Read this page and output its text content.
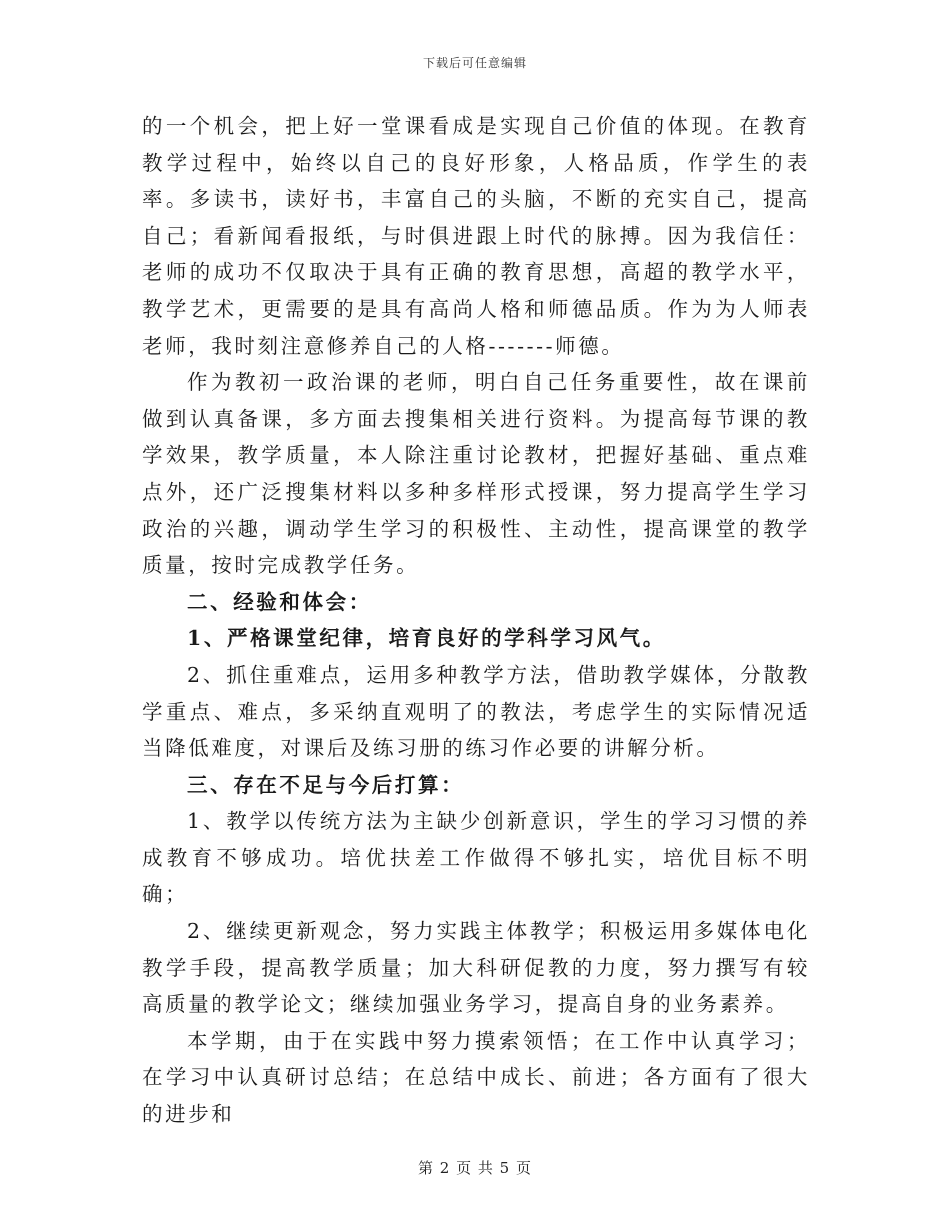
下载后可任意编辑

的一个机会，把上好一堂课看成是实现自己价值的体现。在教育教学过程中，始终以自己的良好形象，人格品质，作学生的表率。多读书，读好书，丰富自己的头脑，不断的充实自己，提高自己；看新闻看报纸，与时俱进跟上时代的脉搏。因为我信任：老师的成功不仅取决于具有正确的教育思想，高超的教学水平，教学艺术，更需要的是具有高尚人格和师德品质。作为为人师表老师，我时刻注意修养自己的人格-------师德。

作为教初一政治课的老师，明白自己任务重要性，故在课前做到认真备课，多方面去搜集相关进行资料。为提高每节课的教学效果，教学质量，本人除注重讨论教材，把握好基础、重点难点外，还广泛搜集材料以多种多样形式授课，努力提高学生学习政治的兴趣，调动学生学习的积极性、主动性，提高课堂的教学质量，按时完成教学任务。

二、经验和体会：

1、严格课堂纪律，培育良好的学科学习风气。

2、抓住重难点，运用多种教学方法，借助教学媒体，分散教学重点、难点，多采纳直观明了的教法，考虑学生的实际情况适当降低难度，对课后及练习册的练习作必要的讲解分析。

三、存在不足与今后打算：

1、教学以传统方法为主缺少创新意识，学生的学习习惯的养成教育不够成功。培优扶差工作做得不够扎实，培优目标不明确；

2、继续更新观念，努力实践主体教学；积极运用多媒体电化教学手段，提高教学质量；加大科研促教的力度，努力撰写有较高质量的教学论文；继续加强业务学习，提高自身的业务素养。

本学期，由于在实践中努力摸索领悟；在工作中认真学习；在学习中认真研讨总结；在总结中成长、前进；各方面有了很大的进步和

第 2 页 共 5 页
